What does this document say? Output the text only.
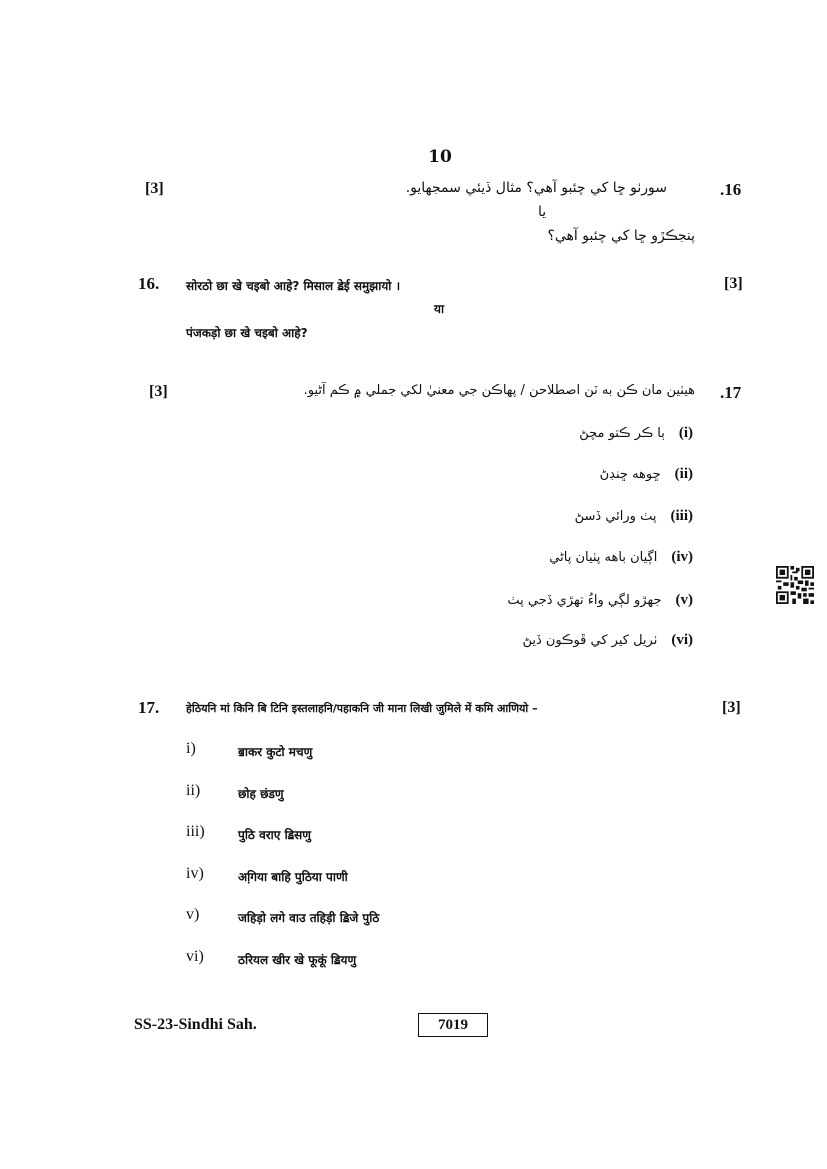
10
[3]	سورٺو ڇا کي چئبو آهي؟ مثال ڏيئي سمجهايو.	.16
يا
پنجڪڙو ڇا کي چئبو آهي؟
16. सोरठो छा खे चइबो आहे? मिसाल ॾेई समुझायो ।	[3]
या
पंजकड़ो छा खे चइबो आहे?
[3]	هيٺين مان ڪن به ٽن اصطلاحن / پهاڪن جي معنيٰ لکي جملي ۾ ڪم آڻيو. .17
(i)ٻا ڪر ڪتو مچڻ
(ii)ڇوهه ڇنڊڻ
(iii)پٺ ورائي ڏسڻ
(iv)اڳيان باهه پٺيان پاڻي
(v)جهڙو لڳي واءُ تهڙي ڏجي پٺ
(vi)ٺريل کير کي ڦوڪون ڏيڻ
17. हेठियनि मां किनि बि टिनि इस्तलाहनि/पहाकनि जी माना लिखी जुमिले में कमि आणियो –	[3]
i)	ॿाकर कुटो मचणु
ii)	छोह छंडणु
iii)	पुठि वराए ॾिसणु
iv)	अगि़या बाहि पुठिया पाणी
v)	जहिड़ो लगे वाउ तहिड़ी ॾिजे पुठि
vi)	ठरियल खीर खे फूकूं ॾियणु
SS-23-Sindhi Sah.	7019
